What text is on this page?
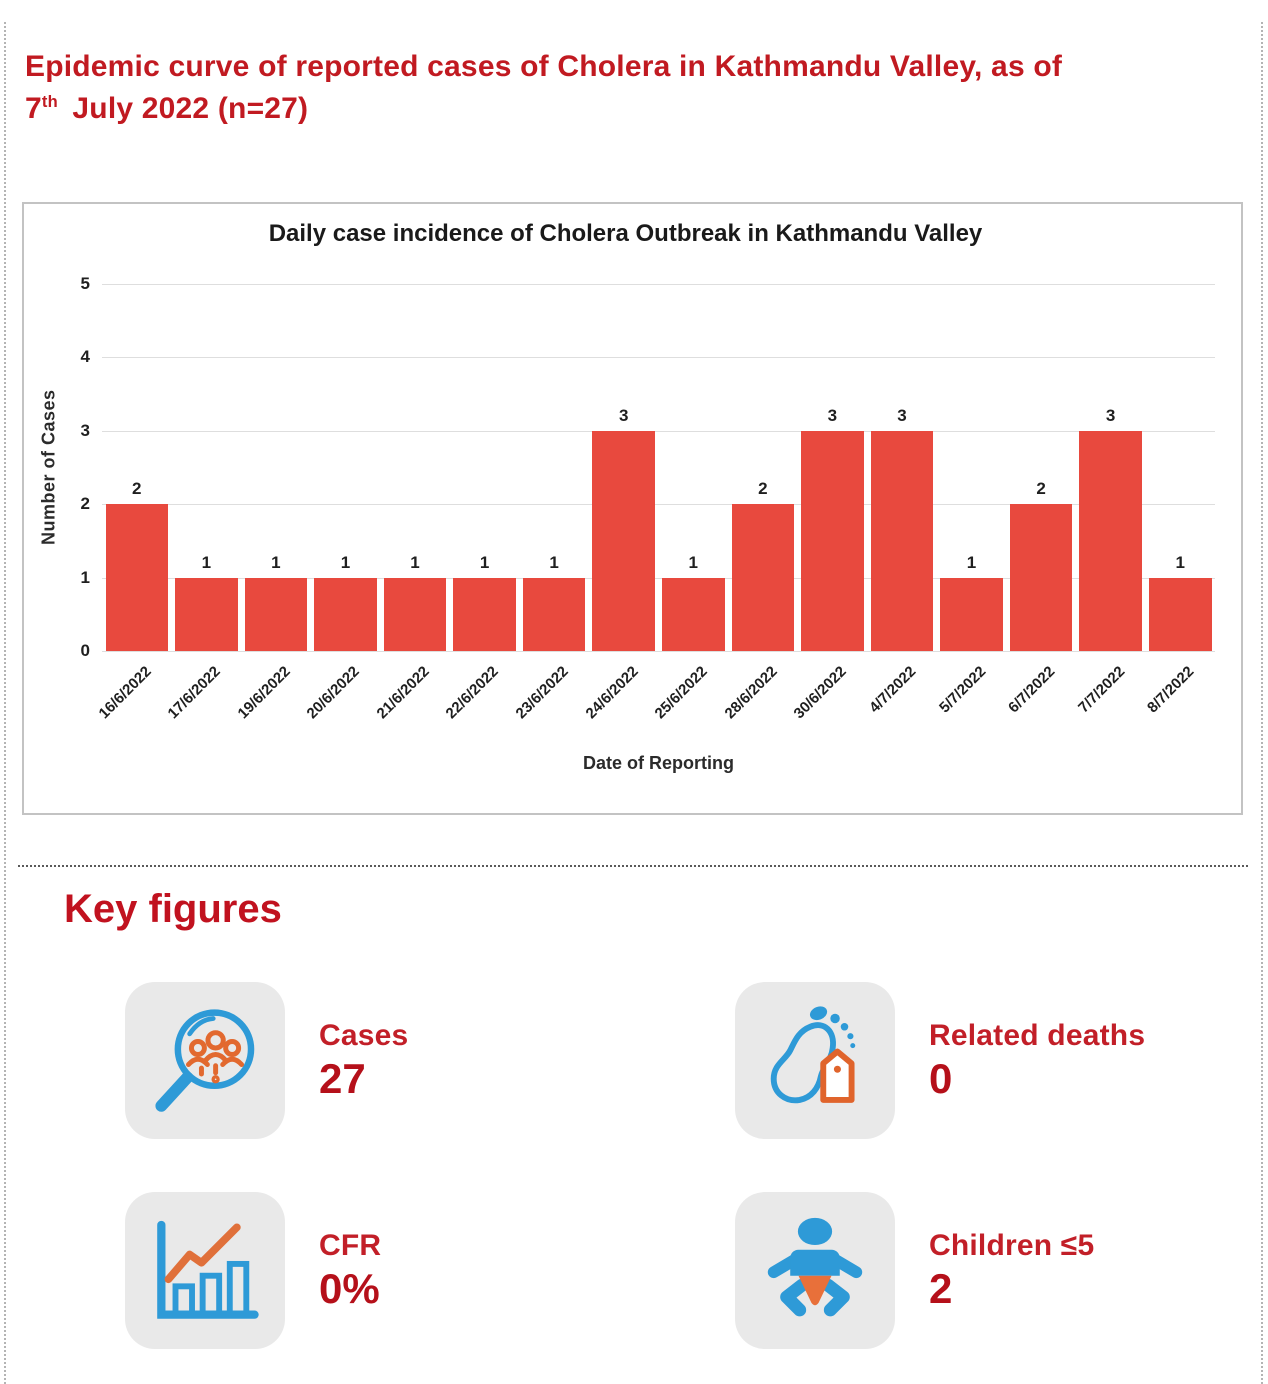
Epidemic curve of reported cases of Cholera in Kathmandu Valley, as of
7th July 2022 (n=27)
Daily case incidence of Cholera Outbreak in Kathmandu Valley
Number of Cases
0
1
2
3
4
5
2
1	1	1	1	1	1
3
1
2
3	3
1
2
3
1
16/6/2022 17/6/2022 19/6/2022 20/6/2022 21/6/2022 22/6/2022 23/6/2022 24/6/2022 25/6/2022 28/6/2022 30/6/2022 4/7/2022 5/7/2022 6/7/2022 7/7/2022 8/7/2022
Date of Reporting
Key figures
Cases
27
Related deaths
0
CFR
0%
Children ≤5
2
